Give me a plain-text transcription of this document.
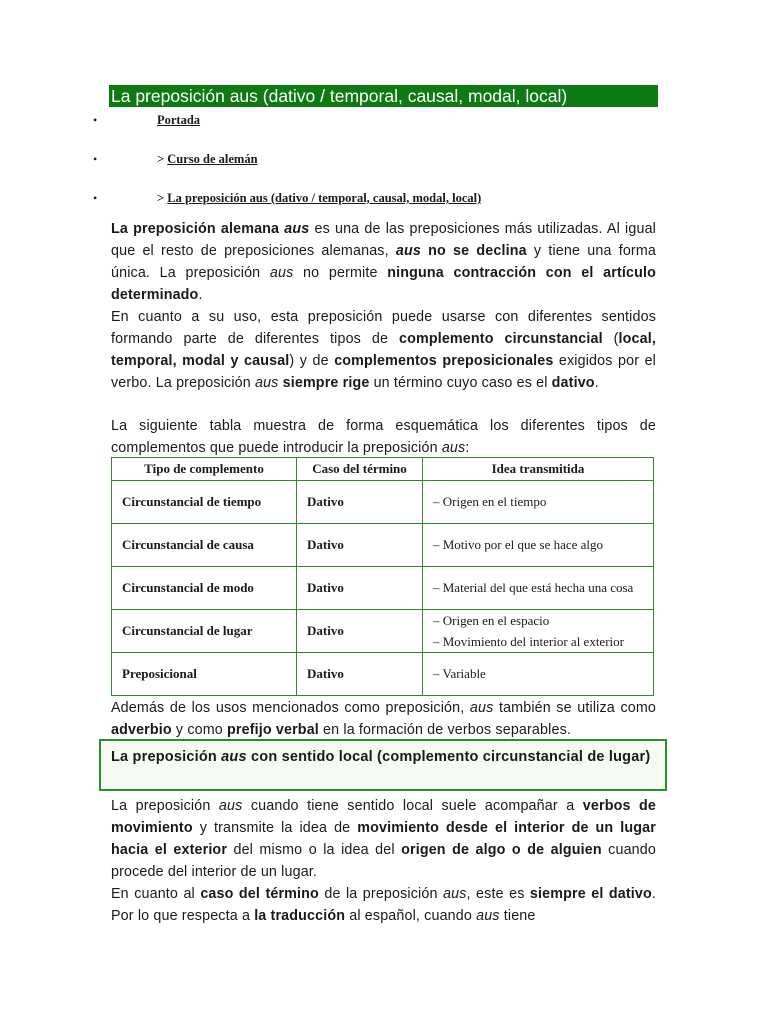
La preposición aus (dativo / temporal, causal, modal, local)
•	Portada
•	> Curso de alemán
•	> La preposición aus (dativo / temporal, causal, modal, local)
La preposición alemana aus es una de las preposiciones más utilizadas. Al igual que el resto de preposiciones alemanas, aus no se declina y tiene una forma única. La preposición aus no permite ninguna contracción con el artículo determinado.
En cuanto a su uso, esta preposición puede usarse con diferentes sentidos formando parte de diferentes tipos de complemento circunstancial (local, temporal, modal y causal) y de complementos preposicionales exigidos por el verbo. La preposición aus siempre rige un término cuyo caso es el dativo.
La siguiente tabla muestra de forma esquemática los diferentes tipos de complementos que puede introducir la preposición aus:
Tipo de complemento	Caso del término	Idea transmitida
Circunstancial de tiempo	Dativo	– Origen en el tiempo
Circunstancial de causa	Dativo	– Motivo por el que se hace algo
Circunstancial de modo	Dativo	– Material del que está hecha una cosa
Circunstancial de lugar	Dativo	– Origen en el espacio
– Movimiento del interior al exterior

Preposicional	Dativo	– Variable
Además de los usos mencionados como preposición, aus también se utiliza como adverbio y como prefijo verbal en la formación de verbos separables.
La preposición aus con sentido local (complemento circunstancial de lugar)
La preposición aus cuando tiene sentido local suele acompañar a verbos de movimiento y transmite la idea de movimiento desde el interior de un lugar hacia el exterior del mismo o la idea del origen de algo o de alguien cuando procede del interior de un lugar.
En cuanto al caso del término de la preposición aus, este es siempre el dativo. Por lo que respecta a la traducción al español, cuando aus tiene
